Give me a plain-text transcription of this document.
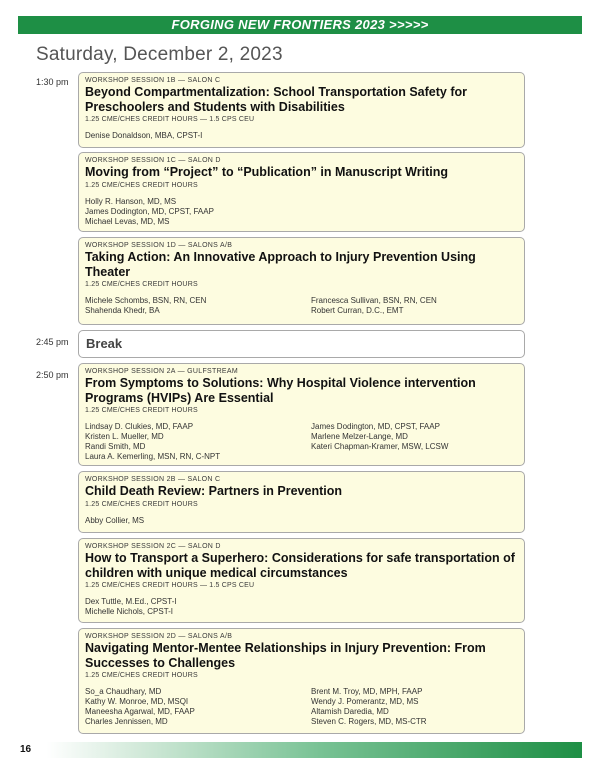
FORGING NEW FRONTIERS 2023 >>>>>
Saturday, December 2, 2023
1:30 pm
2:45 pm
2:50 pm
WORKSHOP SESSION 1B — SALON C
Beyond Compartmentalization: School Transportation Safety for Preschoolers and Students with Disabilities
1.25 CME/CHES CREDIT HOURS — 1.5 CPS CEU
Denise Donaldson, MBA, CPST-I
WORKSHOP SESSION 1C — SALON D
Moving from “Project” to “Publication” in Manuscript Writing
1.25 CME/CHES CREDIT HOURS
Holly R. Hanson, MD, MS
James Dodington, MD, CPST, FAAP
Michael Levas, MD, MS
WORKSHOP SESSION 1D — SALONS A/B
Taking Action: An Innovative Approach to Injury Prevention Using Theater
1.25 CME/CHES CREDIT HOURS
Michele Schombs, BSN, RN, CEN
Shahenda Khedr, BA
Francesca Sullivan, BSN, RN, CEN
Robert Curran, D.C., EMT
Break
WORKSHOP SESSION 2A — GULFSTREAM
From Symptoms to Solutions: Why Hospital Violence intervention Programs (HVIPs) Are Essential
1.25 CME/CHES CREDIT HOURS
Lindsay D. Clukies, MD, FAAP
Kristen L. Mueller, MD
Randi Smith, MD
Laura A. Kemerling, MSN, RN, C-NPT
James Dodington, MD, CPST, FAAP
Marlene Melzer-Lange, MD
Kateri Chapman-Kramer, MSW, LCSW
WORKSHOP SESSION 2B — SALON C
Child Death Review: Partners in Prevention
1.25 CME/CHES CREDIT HOURS
Abby Collier, MS
WORKSHOP SESSION 2C — SALON D
How to Transport a Superhero: Considerations for safe transportation of children with unique medical circumstances
1.25 CME/CHES CREDIT HOURS — 1.5 CPS CEU
Dex Tuttle, M.Ed., CPST-I
Michelle Nichols, CPST-I
WORKSHOP SESSION 2D — SALONS A/B
Navigating Mentor-Mentee Relationships in Injury Prevention: From Successes to Challenges
1.25 CME/CHES CREDIT HOURS
So_a Chaudhary, MD
Kathy W. Monroe, MD, MSQI
Maneesha Agarwal, MD, FAAP
Charles Jennissen, MD
Brent M. Troy, MD, MPH, FAAP
Wendy J. Pomerantz, MD, MS
Altamish Daredia, MD
Steven C. Rogers, MD, MS-CTR
16
